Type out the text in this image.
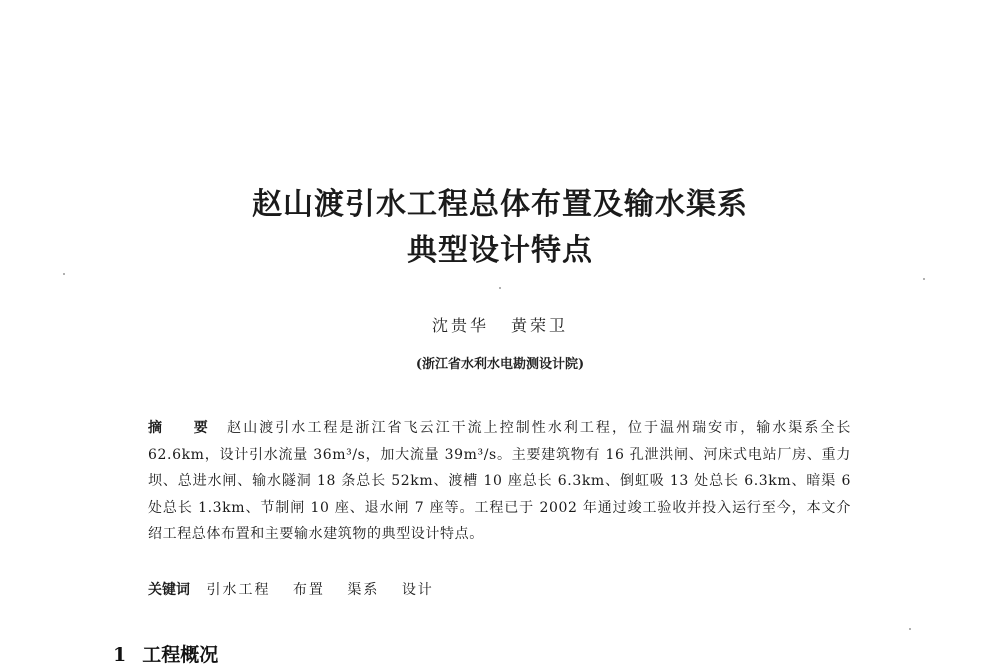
赵山渡引水工程总体布置及输水渠系
典型设计特点
沈贵华 黄荣卫
(浙江省水利水电勘测设计院)
摘 要 赵山渡引水工程是浙江省飞云江干流上控制性水利工程，位于温州瑞安市，输水渠系全长 62.6km，设计引水流量 36m³/s，加大流量 39m³/s。主要建筑物有 16 孔泄洪闸、河床式电站厂房、重力坝、总进水闸、输水隧洞 18 条总长 52km、渡槽 10 座总长 6.3km、倒虹吸 13 处总长 6.3km、暗渠 6 处总长 1.3km、节制闸 10 座、退水闸 7 座等。工程已于 2002 年通过竣工验收并投入运行至今，本文介绍工程总体布置和主要输水建筑物的典型设计特点。
关键词 引水工程 布置 渠系 设计
1 工程概况
